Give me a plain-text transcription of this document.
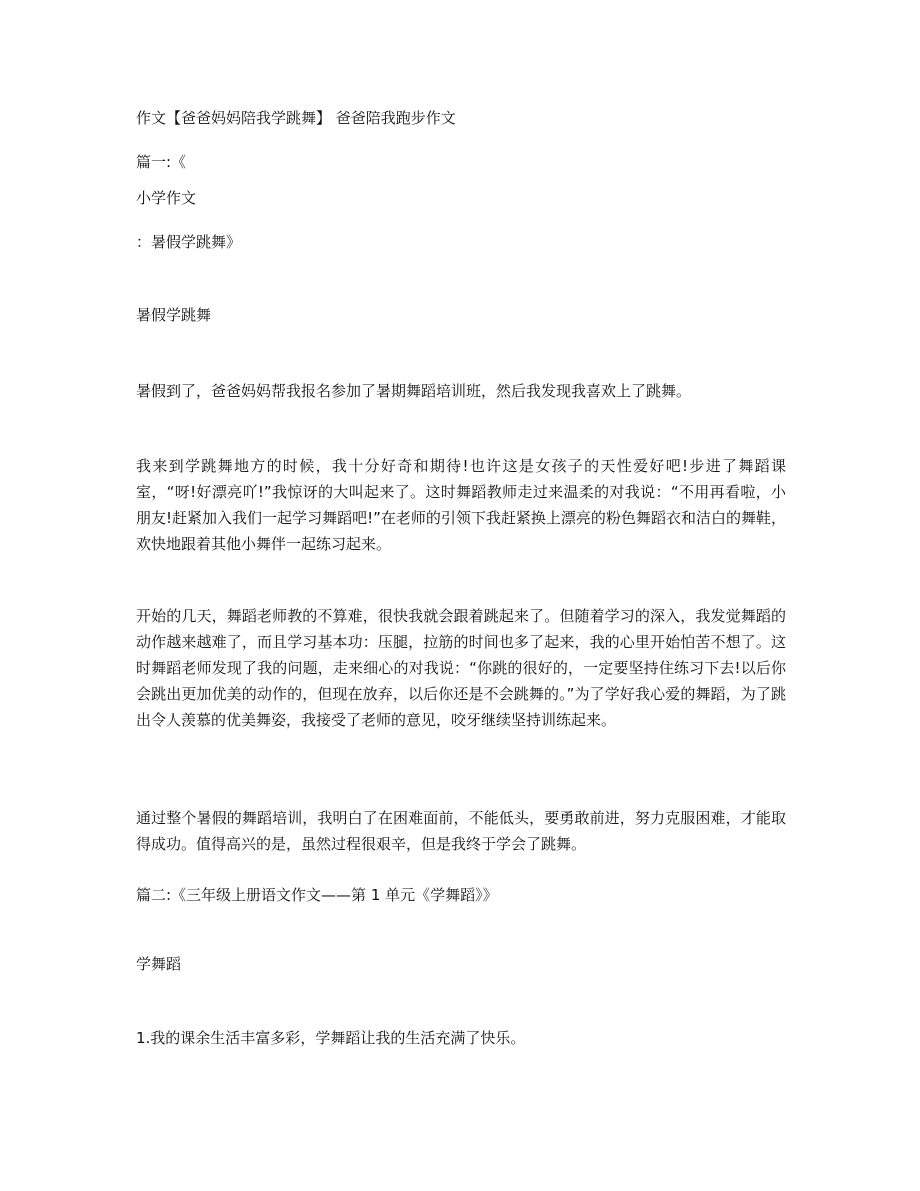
作文【爸爸妈妈陪我学跳舞】 爸爸陪我跑步作文

篇一:《

小学作文

：暑假学跳舞》

暑假学跳舞

暑假到了，爸爸妈妈帮我报名参加了暑期舞蹈培训班，然后我发现我喜欢上了跳舞。

我来到学跳舞地方的时候，我十分好奇和期待!也许这是女孩子的天性爱好吧!步进了舞蹈课室，“呀!好漂亮吖!”我惊讶的大叫起来了。这时舞蹈教师走过来温柔的对我说：“不用再看啦，小朋友!赶紧加入我们一起学习舞蹈吧!”在老师的引领下我赶紧换上漂亮的粉色舞蹈衣和洁白的舞鞋，欢快地跟着其他小舞伴一起练习起来。

开始的几天，舞蹈老师教的不算难，很快我就会跟着跳起来了。但随着学习的深入，我发觉舞蹈的动作越来越难了，而且学习基本功：压腿，拉筋的时间也多了起来，我的心里开始怕苦不想了。这时舞蹈老师发现了我的问题，走来细心的对我说：“你跳的很好的，一定要坚持住练习下去!以后你会跳出更加优美的动作的，但现在放弃，以后你还是不会跳舞的。”为了学好我心爱的舞蹈，为了跳出令人羡慕的优美舞姿，我接受了老师的意见，咬牙继续坚持训练起来。

通过整个暑假的舞蹈培训，我明白了在困难面前，不能低头，要勇敢前进，努力克服困难，才能取得成功。值得高兴的是，虽然过程很艰辛，但是我终于学会了跳舞。

篇二:《三年级上册语文作文——第 1 单元《学舞蹈》》

学舞蹈

1.我的课余生活丰富多彩，学舞蹈让我的生活充满了快乐。
